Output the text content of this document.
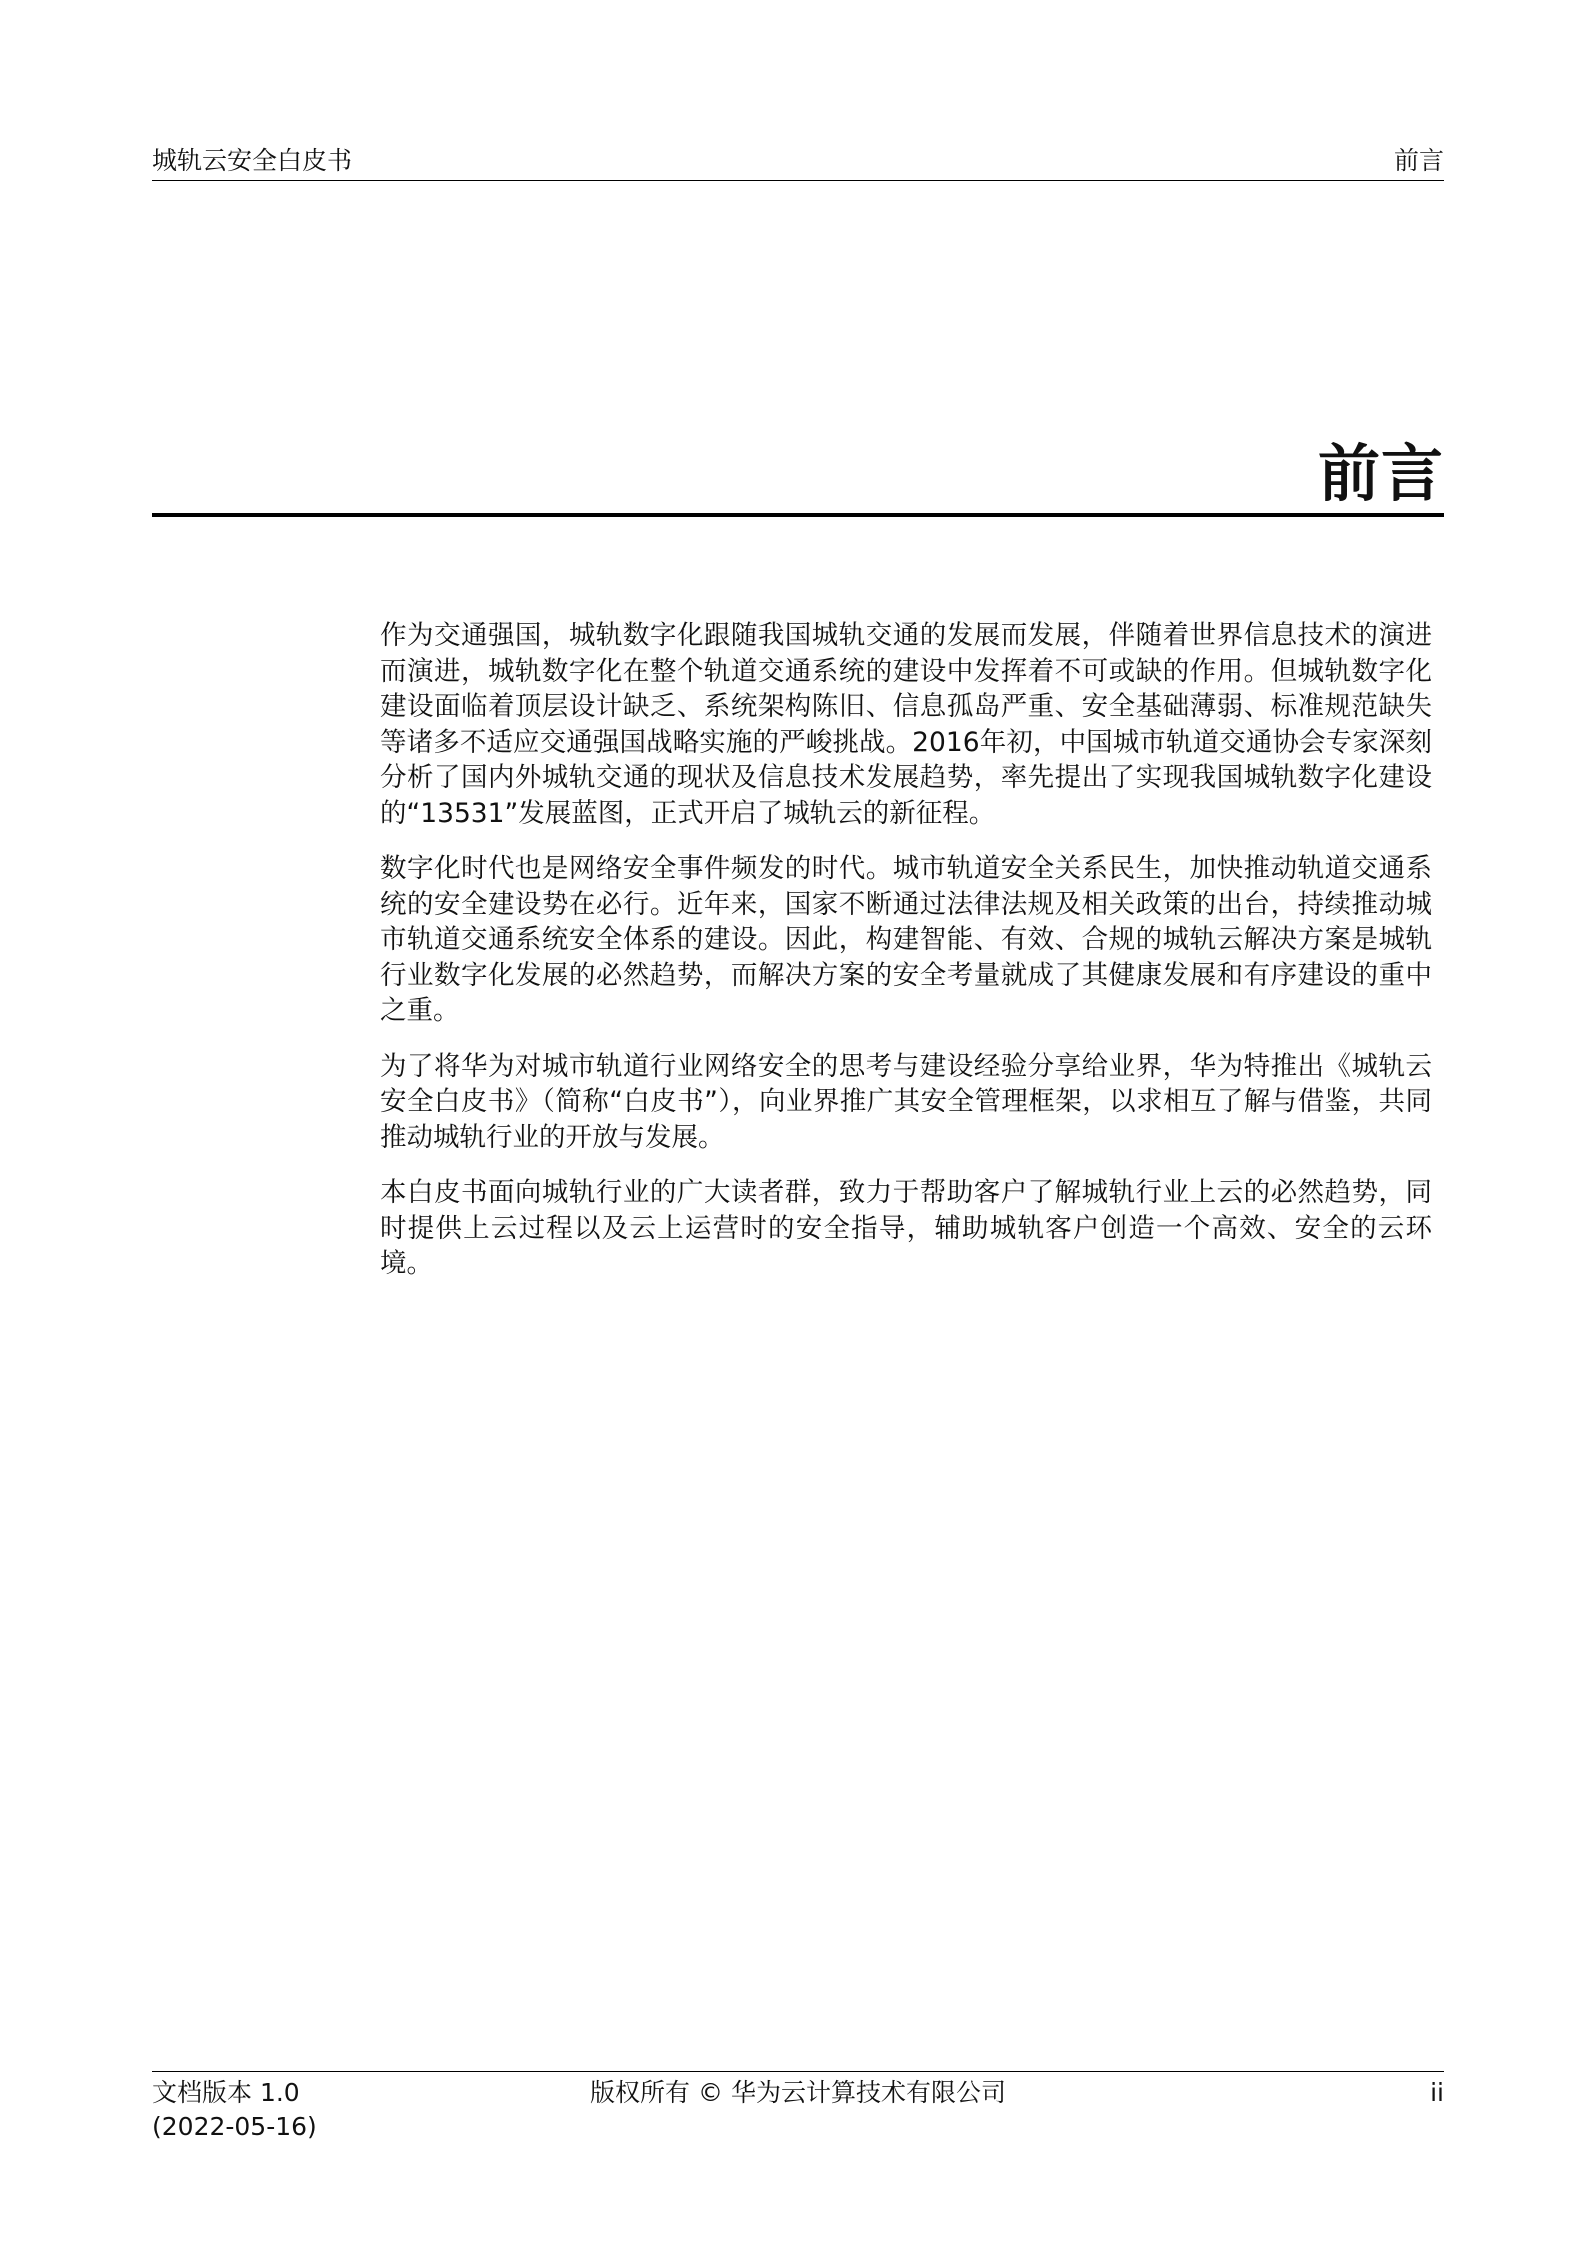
城轨云安全白皮书	前言
前言

作为交通强国，城轨数字化跟随我国城轨交通的发展而发展，伴随着世界信息技术的演进而演进，城轨数字化在整个轨道交通系统的建设中发挥着不可或缺的作用。但城轨数字化建设面临着顶层设计缺乏、系统架构陈旧、信息孤岛严重、安全基础薄弱、标准规范缺失等诸多不适应交通强国战略实施的严峻挑战。2016年初，中国城市轨道交通协会专家深刻分析了国内外城轨交通的现状及信息技术发展趋势，率先提出了实现我国城轨数字化建设的“13531”发展蓝图，正式开启了城轨云的新征程。

数字化时代也是网络安全事件频发的时代。城市轨道安全关系民生，加快推动轨道交通系统的安全建设势在必行。近年来，国家不断通过法律法规及相关政策的出台，持续推动城市轨道交通系统安全体系的建设。因此，构建智能、有效、合规的城轨云解决方案是城轨行业数字化发展的必然趋势，而解决方案的安全考量就成了其健康发展和有序建设的重中之重。

为了将华为对城市轨道行业网络安全的思考与建设经验分享给业界，华为特推出《城轨云安全白皮书》（简称“白皮书”），向业界推广其安全管理框架，以求相互了解与借鉴，共同推动城轨行业的开放与发展。

本白皮书面向城轨行业的广大读者群，致力于帮助客户了解城轨行业上云的必然趋势，同时提供上云过程以及云上运营时的安全指导，辅助城轨客户创造一个高效、安全的云环境。

文档版本 1.0
(2022-05-16)
版权所有 © 华为云计算技术有限公司	ii
